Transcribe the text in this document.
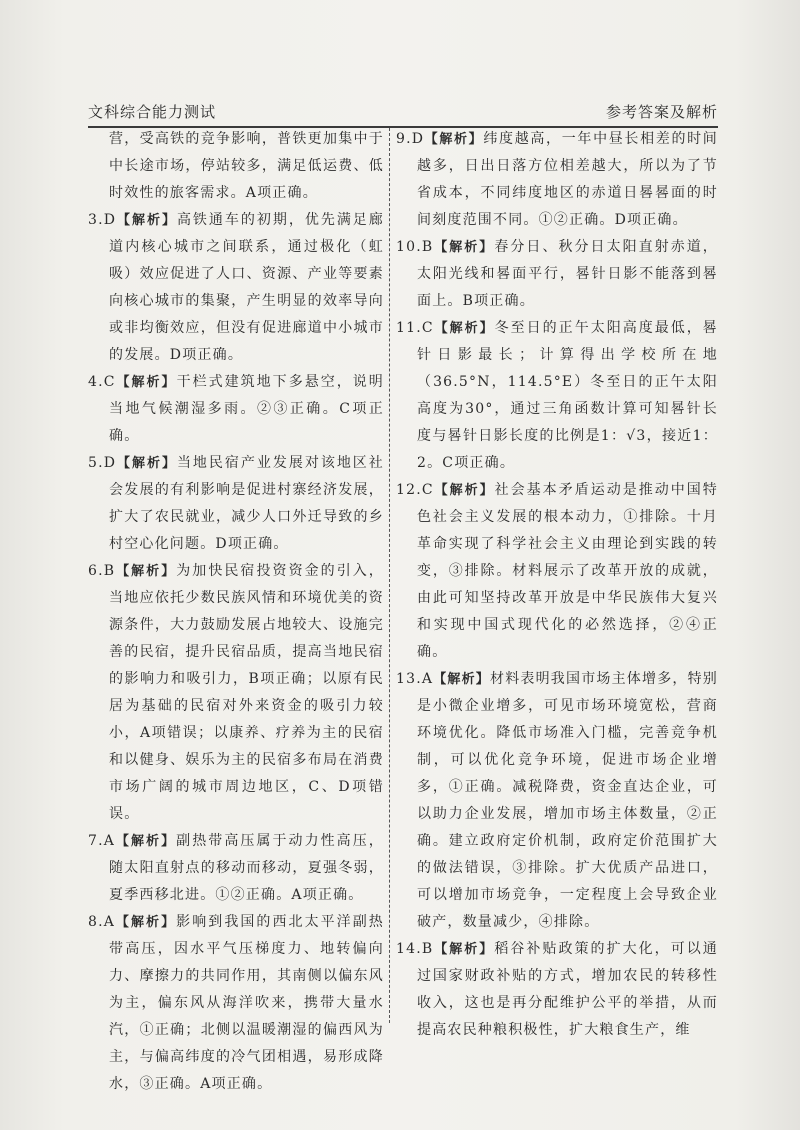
文科综合能力测试	参考答案及解析

营，受高铁的竞争影响，普铁更加集中于中长途市场，停站较多，满足低运费、低时效性的旅客需求。A项正确。

3.D【解析】高铁通车的初期，优先满足廊道内核心城市之间联系，通过极化（虹吸）效应促进了人口、资源、产业等要素向核心城市的集聚，产生明显的效率导向或非均衡效应，但没有促进廊道中小城市的发展。D项正确。

4.C【解析】干栏式建筑地下多悬空，说明当地气候潮湿多雨。②③正确。C项正确。

5.D【解析】当地民宿产业发展对该地区社会发展的有利影响是促进村寨经济发展，扩大了农民就业，减少人口外迁导致的乡村空心化问题。D项正确。

6.B【解析】为加快民宿投资资金的引入，当地应依托少数民族风情和环境优美的资源条件，大力鼓励发展占地较大、设施完善的民宿，提升民宿品质，提高当地民宿的影响力和吸引力，B项正确；以原有民居为基础的民宿对外来资金的吸引力较小，A项错误；以康养、疗养为主的民宿和以健身、娱乐为主的民宿多布局在消费市场广阔的城市周边地区，C、D项错误。

7.A【解析】副热带高压属于动力性高压，随太阳直射点的移动而移动，夏强冬弱，夏季西移北进。①②正确。A项正确。

8.A【解析】影响到我国的西北太平洋副热带高压，因水平气压梯度力、地转偏向力、摩擦力的共同作用，其南侧以偏东风为主，偏东风从海洋吹来，携带大量水汽，①正确；北侧以温暖潮湿的偏西风为主，与偏高纬度的冷气团相遇，易形成降水，③正确。A项正确。

9.D【解析】纬度越高，一年中昼长相差的时间越多，日出日落方位相差越大，所以为了节省成本，不同纬度地区的赤道日晷晷面的时间刻度范围不同。①②正确。D项正确。

10.B【解析】春分日、秋分日太阳直射赤道，太阳光线和晷面平行，晷针日影不能落到晷面上。B项正确。

11.C【解析】冬至日的正午太阳高度最低，晷针日影最长；计算得出学校所在地（36.5°N，114.5°E）冬至日的正午太阳高度为30°，通过三角函数计算可知晷针长度与晷针日影长度的比例是1：√3，接近1：2。C项正确。

12.C【解析】社会基本矛盾运动是推动中国特色社会主义发展的根本动力，①排除。十月革命实现了科学社会主义由理论到实践的转变，③排除。材料展示了改革开放的成就，由此可知坚持改革开放是中华民族伟大复兴和实现中国式现代化的必然选择，②④正确。

13.A【解析】材料表明我国市场主体增多，特别是小微企业增多，可见市场环境宽松，营商环境优化。降低市场准入门槛，完善竞争机制，可以优化竞争环境，促进市场企业增多，①正确。减税降费，资金直达企业，可以助力企业发展，增加市场主体数量，②正确。建立政府定价机制，政府定价范围扩大的做法错误，③排除。扩大优质产品进口，可以增加市场竞争，一定程度上会导致企业破产，数量减少，④排除。

14.B【解析】稻谷补贴政策的扩大化，可以通过国家财政补贴的方式，增加农民的转移性收入，这也是再分配维护公平的举措，从而提高农民种粮积极性，扩大粮食生产，维
